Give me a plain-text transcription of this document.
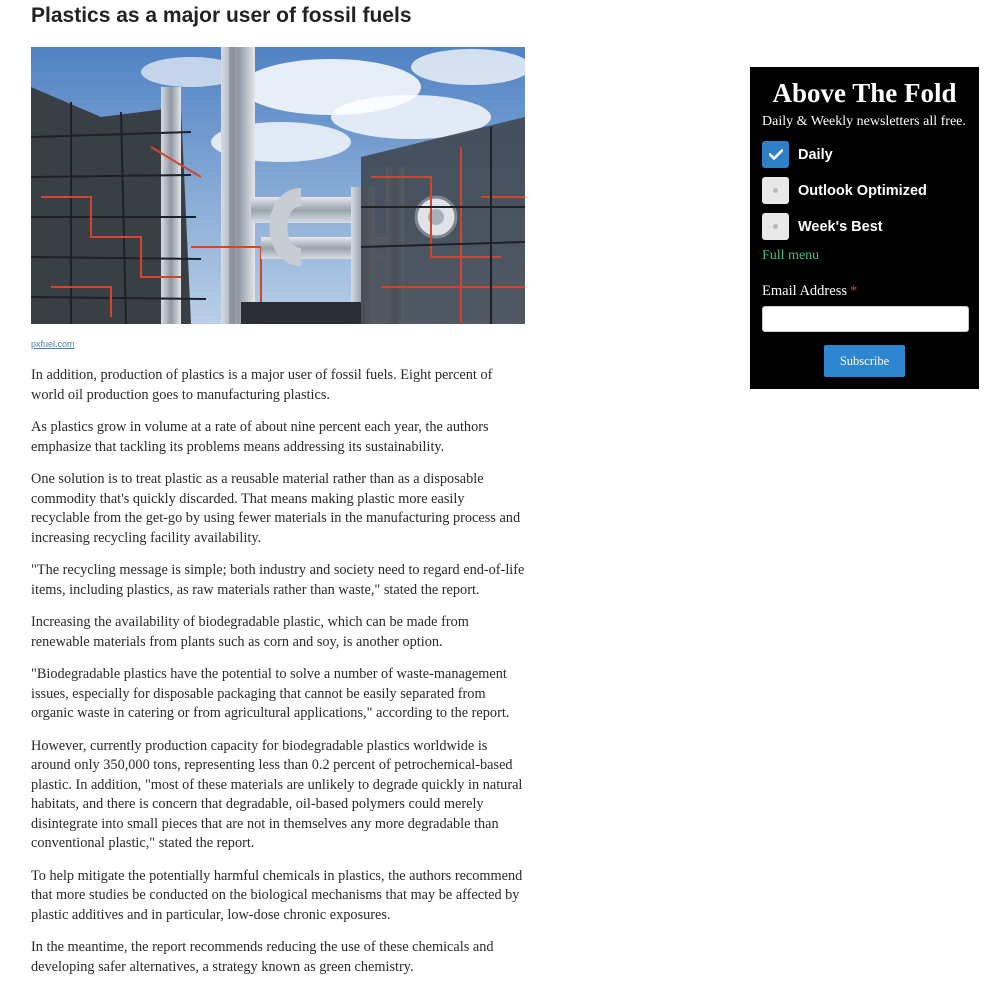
Plastics as a major user of fossil fuels
pxfuel.com

In addition, production of plastics is a major user of fossil fuels. Eight percent of world oil production goes to manufacturing plastics.

As plastics grow in volume at a rate of about nine percent each year, the authors emphasize that tackling its problems means addressing its sustainability.

One solution is to treat plastic as a reusable material rather than as a disposable commodity that's quickly discarded. That means making plastic more easily recyclable from the get-go by using fewer materials in the manufacturing process and increasing recycling facility availability.

"The recycling message is simple; both industry and society need to regard end-of-life items, including plastics, as raw materials rather than waste," stated the report.

Increasing the availability of biodegradable plastic, which can be made from renewable materials from plants such as corn and soy, is another option.

"Biodegradable plastics have the potential to solve a number of waste-management issues, especially for disposable packaging that cannot be easily separated from organic waste in catering or from agricultural applications," according to the report.

However, currently production capacity for biodegradable plastics worldwide is around only 350,000 tons, representing less than 0.2 percent of petrochemical-based plastic. In addition, "most of these materials are unlikely to degrade quickly in natural habitats, and there is concern that degradable, oil-based polymers could merely disintegrate into small pieces that are not in themselves any more degradable than conventional plastic," stated the report.

To help mitigate the potentially harmful chemicals in plastics, the authors recommend that more studies be conducted on the biological mechanisms that may be affected by plastic additives and in particular, low-dose chronic exposures.

In the meantime, the report recommends reducing the use of these chemicals and developing safer alternatives, a strategy known as green chemistry.

Above The Fold
Daily & Weekly newsletters all free.
Daily
Outlook Optimized
Week's Best
Full menu
Email Address *
Subscribe
